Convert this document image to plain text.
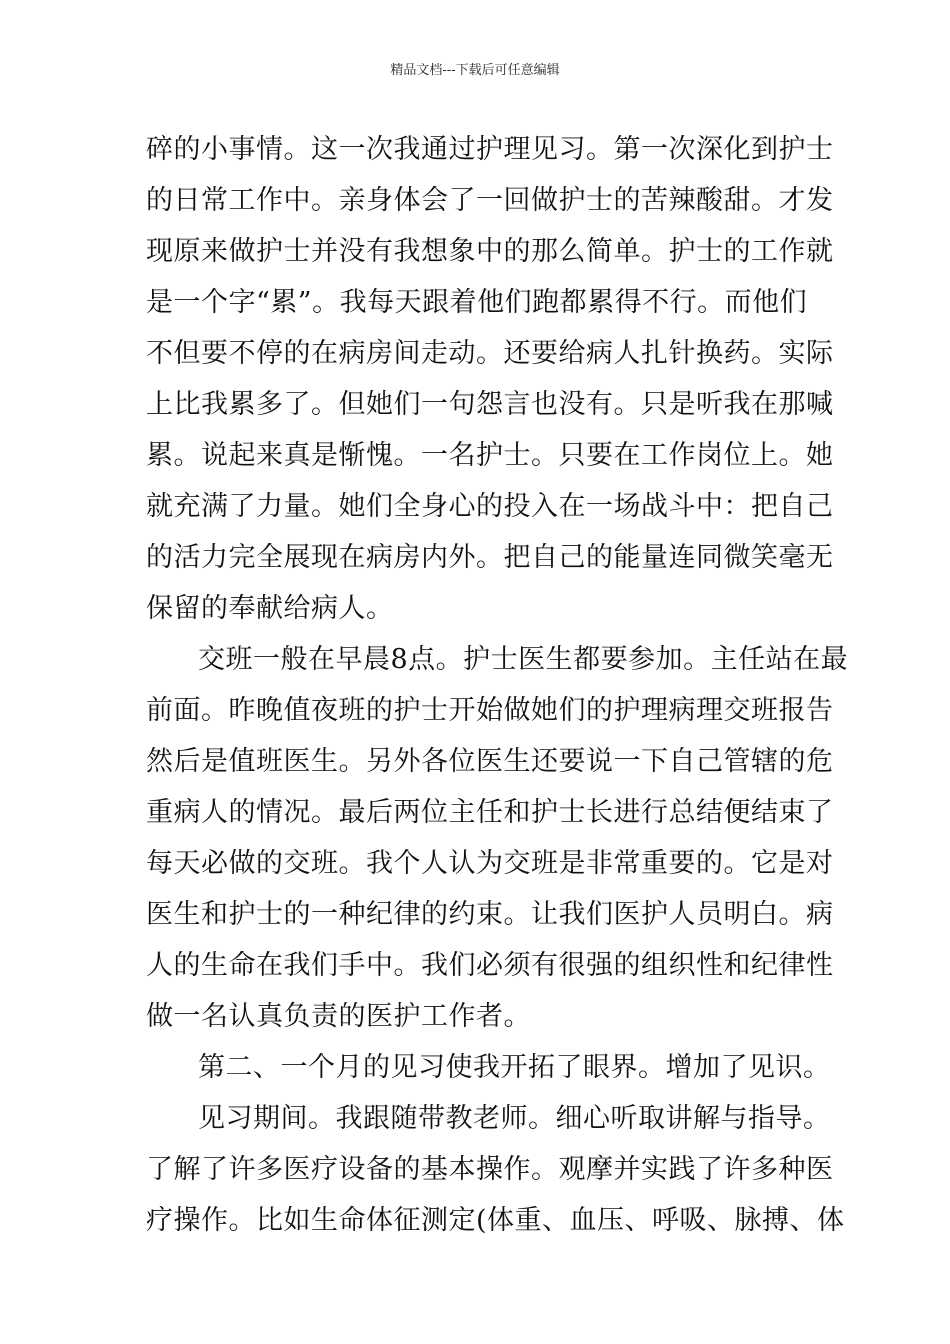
精品文档---下载后可任意编辑
碎的小事情。这一次我通过护理见习。第一次深化到护士
的日常工作中。亲身体会了一回做护士的苦辣酸甜。才发
现原来做护士并没有我想象中的那么简单。护士的工作就
是一个字“累”。我每天跟着他们跑都累得不行。而他们
不但要不停的在病房间走动。还要给病人扎针换药。实际
上比我累多了。但她们一句怨言也没有。只是听我在那喊
累。说起来真是惭愧。一名护士。只要在工作岗位上。她
就充满了力量。她们全身心的投入在一场战斗中：把自己
的活力完全展现在病房内外。把自己的能量连同微笑毫无
保留的奉献给病人。
交班一般在早晨8点。护士医生都要参加。主任站在最
前面。昨晚值夜班的护士开始做她们的护理病理交班报告
然后是值班医生。另外各位医生还要说一下自己管辖的危
重病人的情况。最后两位主任和护士长进行总结便结束了
每天必做的交班。我个人认为交班是非常重要的。它是对
医生和护士的一种纪律的约束。让我们医护人员明白。病
人的生命在我们手中。我们必须有很强的组织性和纪律性
做一名认真负责的医护工作者。
第二、一个月的见习使我开拓了眼界。增加了见识。
见习期间。我跟随带教老师。细心听取讲解与指导。
了解了许多医疗设备的基本操作。观摩并实践了许多种医
疗操作。比如生命体征测定(体重、血压、呼吸、脉搏、体
